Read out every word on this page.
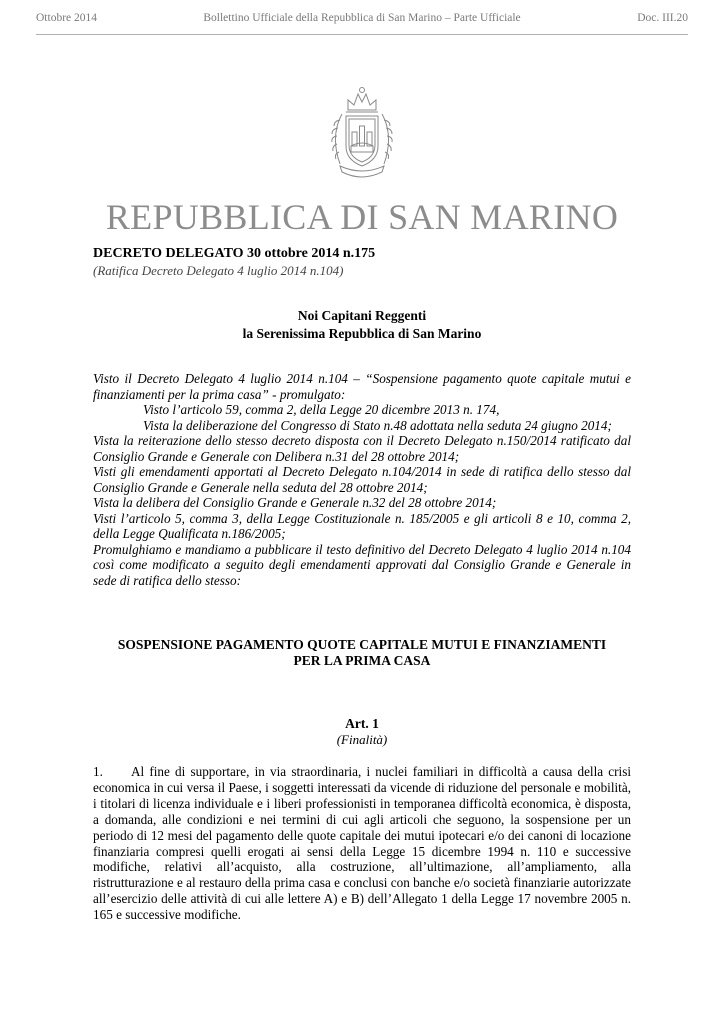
Bollettino Ufficiale della Repubblica di San Marino – Parte Ufficiale
Ottobre 2014	Doc. III.20
REPUBBLICA DI SAN MARINO
DECRETO DELEGATO 30 ottobre 2014 n.175
(Ratifica Decreto Delegato 4 luglio 2014 n.104)
Noi Capitani Reggenti
la Serenissima Repubblica di San Marino

Visto il Decreto Delegato 4 luglio 2014 n.104 – “Sospensione pagamento quote capitale mutui e finanziamenti per la prima casa” - promulgato:

Visto l’articolo 59, comma 2, della Legge 20 dicembre 2013 n. 174,

Vista la deliberazione del Congresso di Stato n.48 adottata nella seduta 24 giugno 2014;

Vista la reiterazione dello stesso decreto disposta con il Decreto Delegato n.150/2014 ratificato dal Consiglio Grande e Generale con Delibera n.31 del 28 ottobre 2014;

Visti gli emendamenti apportati al Decreto Delegato n.104/2014 in sede di ratifica dello stesso dal Consiglio Grande e Generale nella seduta del 28 ottobre 2014;

Vista la delibera del Consiglio Grande e Generale n.32 del 28 ottobre 2014;

Visti l’articolo 5, comma 3, della Legge Costituzionale n. 185/2005 e gli articoli 8 e 10, comma 2, della Legge Qualificata n.186/2005;

Promulghiamo e mandiamo a pubblicare il testo definitivo del Decreto Delegato 4 luglio 2014 n.104 così come modificato a seguito degli emendamenti approvati dal Consiglio Grande e Generale in sede di ratifica dello stesso:

SOSPENSIONE PAGAMENTO QUOTE CAPITALE MUTUI E FINANZIAMENTI
PER LA PRIMA CASA
Art. 1
(Finalità)
1. Al fine di supportare, in via straordinaria, i nuclei familiari in difficoltà a causa della crisi economica in cui versa il Paese, i soggetti interessati da vicende di riduzione del personale e mobilità, i titolari di licenza individuale e i liberi professionisti in temporanea difficoltà economica, è disposta, a domanda, alle condizioni e nei termini di cui agli articoli che seguono, la sospensione per un periodo di 12 mesi del pagamento delle quote capitale dei mutui ipotecari e/o dei canoni di locazione finanziaria compresi quelli erogati ai sensi della Legge 15 dicembre 1994 n. 110 e successive modifiche, relativi all’acquisto, alla costruzione, all’ultimazione, all’ampliamento, alla ristrutturazione e al restauro della prima casa e conclusi con banche e/o società finanziarie autorizzate all’esercizio delle attività di cui alle lettere A) e B) dell’Allegato 1 della Legge 17 novembre 2005 n. 165 e successive modifiche.
